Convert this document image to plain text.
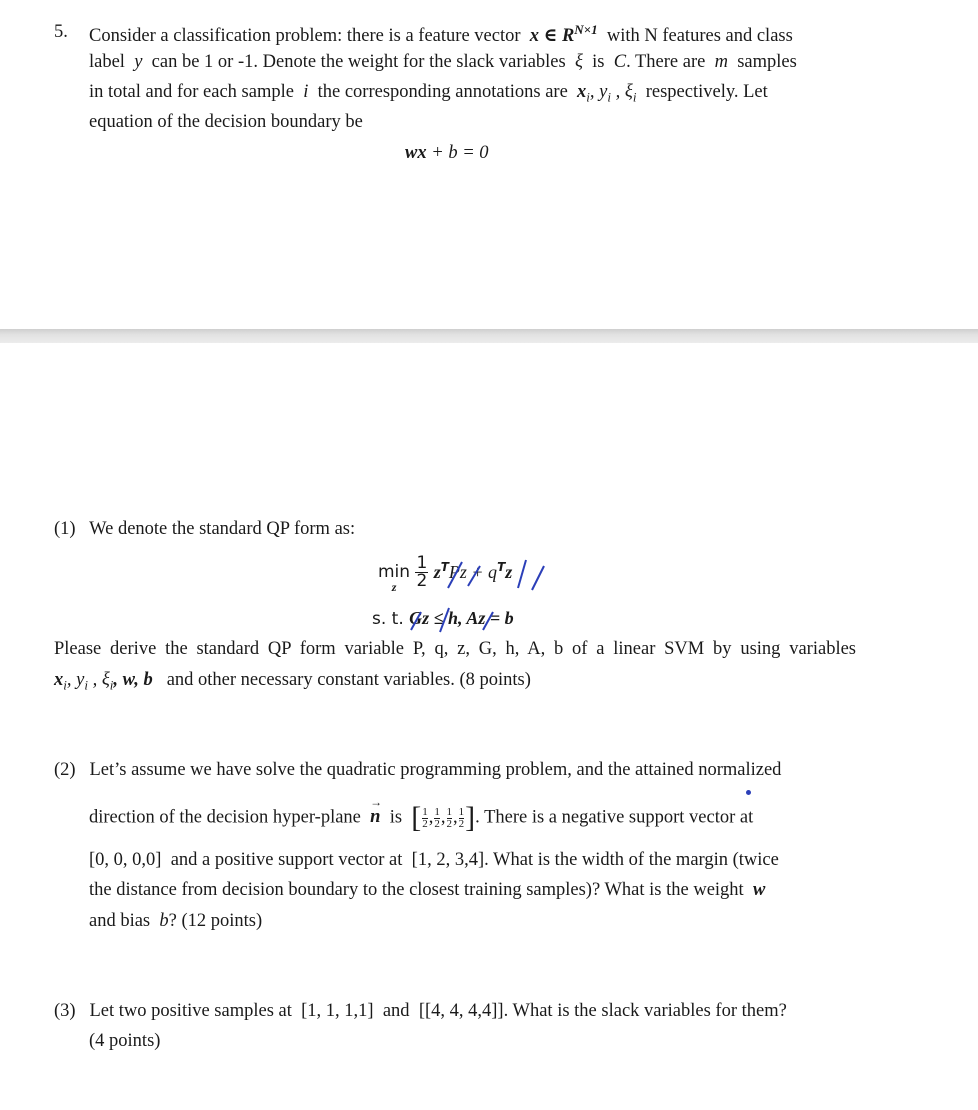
5. Consider a classification problem: there is a feature vector x ∈ $R^{N\times 1}$ with N features and class
label y can be 1 or -1. Denote the weight for the slack variables ξ is C. There are m samples
in total and for each sample i the corresponding annotations are $x_i$, $y_i$ , $\xi_i$ respectively. Let
equation of the decision boundary be
wx + b = 0
(1) We denote the standard QP form as:
min
z
	$\frac{1}{2} z^TPz + q^Tz$
s. t. Gz ≤ h, Az = b
Please derive the standard QP form variable P, q, z, G, h, A, b of a linear SVM by using variables
$x_i$, $y_i$ , $\xi_i$, w, b and other necessary constant variables. (8 points)
(2) Let’s assume we have solve the quadratic programming problem, and the attained normalized
direction of the decision hyper-plane n
→
is [ $\frac{1}{2}$ , $\frac{1}{2}$ , $\frac{1}{2}$ , $\frac{1}{2}$ ]. There is a negative support vector at
[0, 0, 0,0] and a positive support vector at [1, 2, 3,4]. What is the width of the margin (twice
the distance from decision boundary to the closest training samples)? What is the weight w
and bias b? (12 points)
(3) Let two positive samples at [1, 1, 1,1] and [[4, 4, 4,4]]. What is the slack variables for them?
(4 points)
